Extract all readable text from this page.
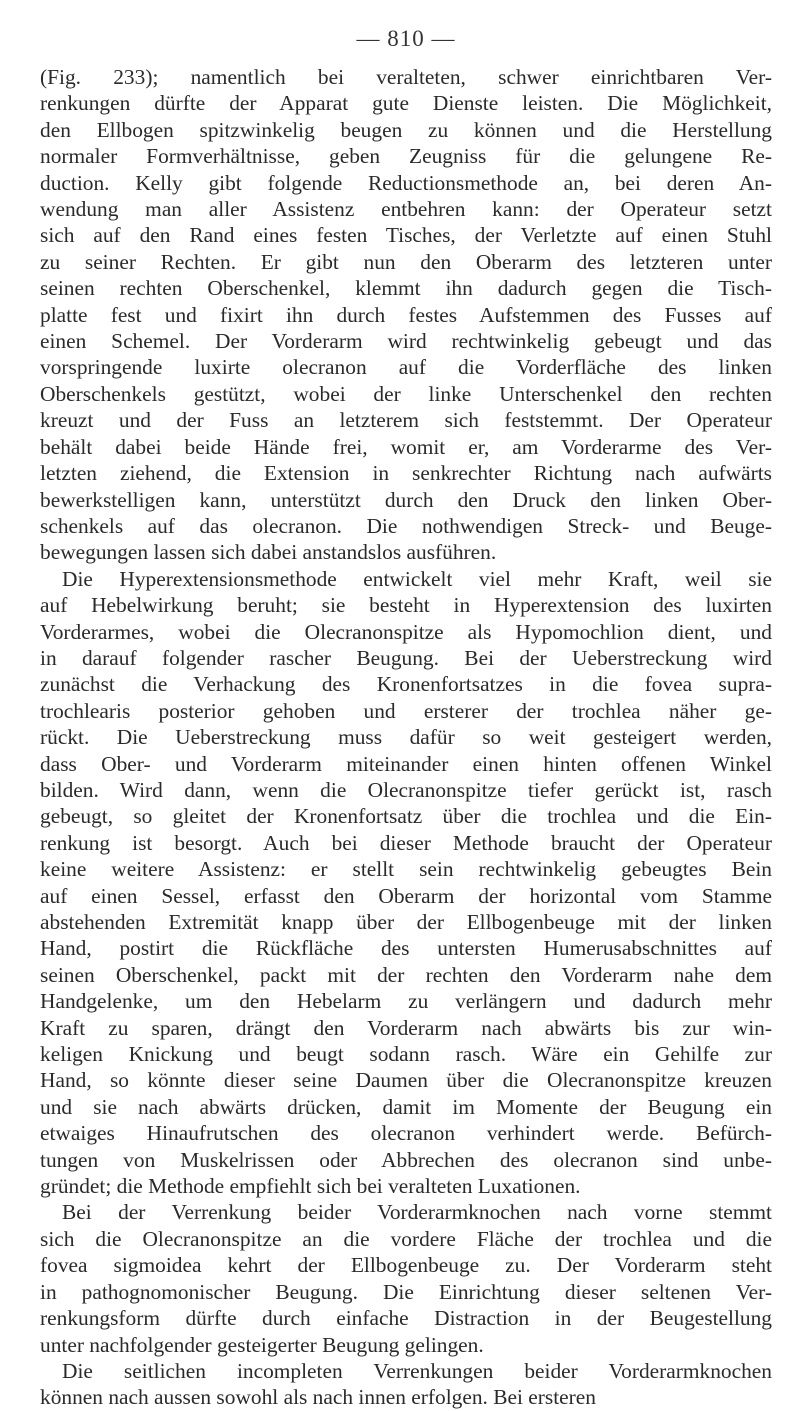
— 810 —
(Fig. 233); namentlich bei veralteten, schwer einrichtbaren Ver-
renkungen dürfte der Apparat gute Dienste leisten. Die Möglichkeit,
den Ellbogen spitzwinkelig beugen zu können und die Herstellung
normaler Formverhältnisse, geben Zeugniss für die gelungene Re-
duction. Kelly gibt folgende Reductionsmethode an, bei deren An-
wendung man aller Assistenz entbehren kann: der Operateur setzt
sich auf den Rand eines festen Tisches, der Verletzte auf einen Stuhl
zu seiner Rechten. Er gibt nun den Oberarm des letzteren unter
seinen rechten Oberschenkel, klemmt ihn dadurch gegen die Tisch-
platte fest und fixirt ihn durch festes Aufstemmen des Fusses auf
einen Schemel. Der Vorderarm wird rechtwinkelig gebeugt und das
vorspringende luxirte olecranon auf die Vorderfläche des linken
Oberschenkels gestützt, wobei der linke Unterschenkel den rechten
kreuzt und der Fuss an letzterem sich feststemmt. Der Operateur
behält dabei beide Hände frei, womit er, am Vorderarme des Ver-
letzten ziehend, die Extension in senkrechter Richtung nach aufwärts
bewerkstelligen kann, unterstützt durch den Druck den linken Ober-
schenkels auf das olecranon. Die nothwendigen Streck- und Beuge-
bewegungen lassen sich dabei anstandslos ausführen.
Die Hyperextensionsmethode entwickelt viel mehr Kraft, weil sie
auf Hebelwirkung beruht; sie besteht in Hyperextension des luxirten
Vorderarmes, wobei die Olecranonspitze als Hypomochlion dient, und
in darauf folgender rascher Beugung. Bei der Ueberstreckung wird
zunächst die Verhackung des Kronenfortsatzes in die fovea supra-
trochlearis posterior gehoben und ersterer der trochlea näher ge-
rückt. Die Ueberstreckung muss dafür so weit gesteigert werden,
dass Ober- und Vorderarm miteinander einen hinten offenen Winkel
bilden. Wird dann, wenn die Olecranonspitze tiefer gerückt ist, rasch
gebeugt, so gleitet der Kronenfortsatz über die trochlea und die Ein-
renkung ist besorgt. Auch bei dieser Methode braucht der Operateur
keine weitere Assistenz: er stellt sein rechtwinkelig gebeugtes Bein
auf einen Sessel, erfasst den Oberarm der horizontal vom Stamme
abstehenden Extremität knapp über der Ellbogenbeuge mit der linken
Hand, postirt die Rückfläche des untersten Humerusabschnittes auf
seinen Oberschenkel, packt mit der rechten den Vorderarm nahe dem
Handgelenke, um den Hebelarm zu verlängern und dadurch mehr
Kraft zu sparen, drängt den Vorderarm nach abwärts bis zur win-
keligen Knickung und beugt sodann rasch. Wäre ein Gehilfe zur
Hand, so könnte dieser seine Daumen über die Olecranonspitze kreuzen
und sie nach abwärts drücken, damit im Momente der Beugung ein
etwaiges Hinaufrutschen des olecranon verhindert werde. Befürch-
tungen von Muskelrissen oder Abbrechen des olecranon sind unbe-
gründet; die Methode empfiehlt sich bei veralteten Luxationen.
Bei der Verrenkung beider Vorderarmknochen nach vorne stemmt
sich die Olecranonspitze an die vordere Fläche der trochlea und die
fovea sigmoidea kehrt der Ellbogenbeuge zu. Der Vorderarm steht
in pathognomonischer Beugung. Die Einrichtung dieser seltenen Ver-
renkungsform dürfte durch einfache Distraction in der Beugestellung
unter nachfolgender gesteigerter Beugung gelingen.
Die seitlichen incompleten Verrenkungen beider Vorderarmknochen
können nach aussen sowohl als nach innen erfolgen. Bei ersteren
